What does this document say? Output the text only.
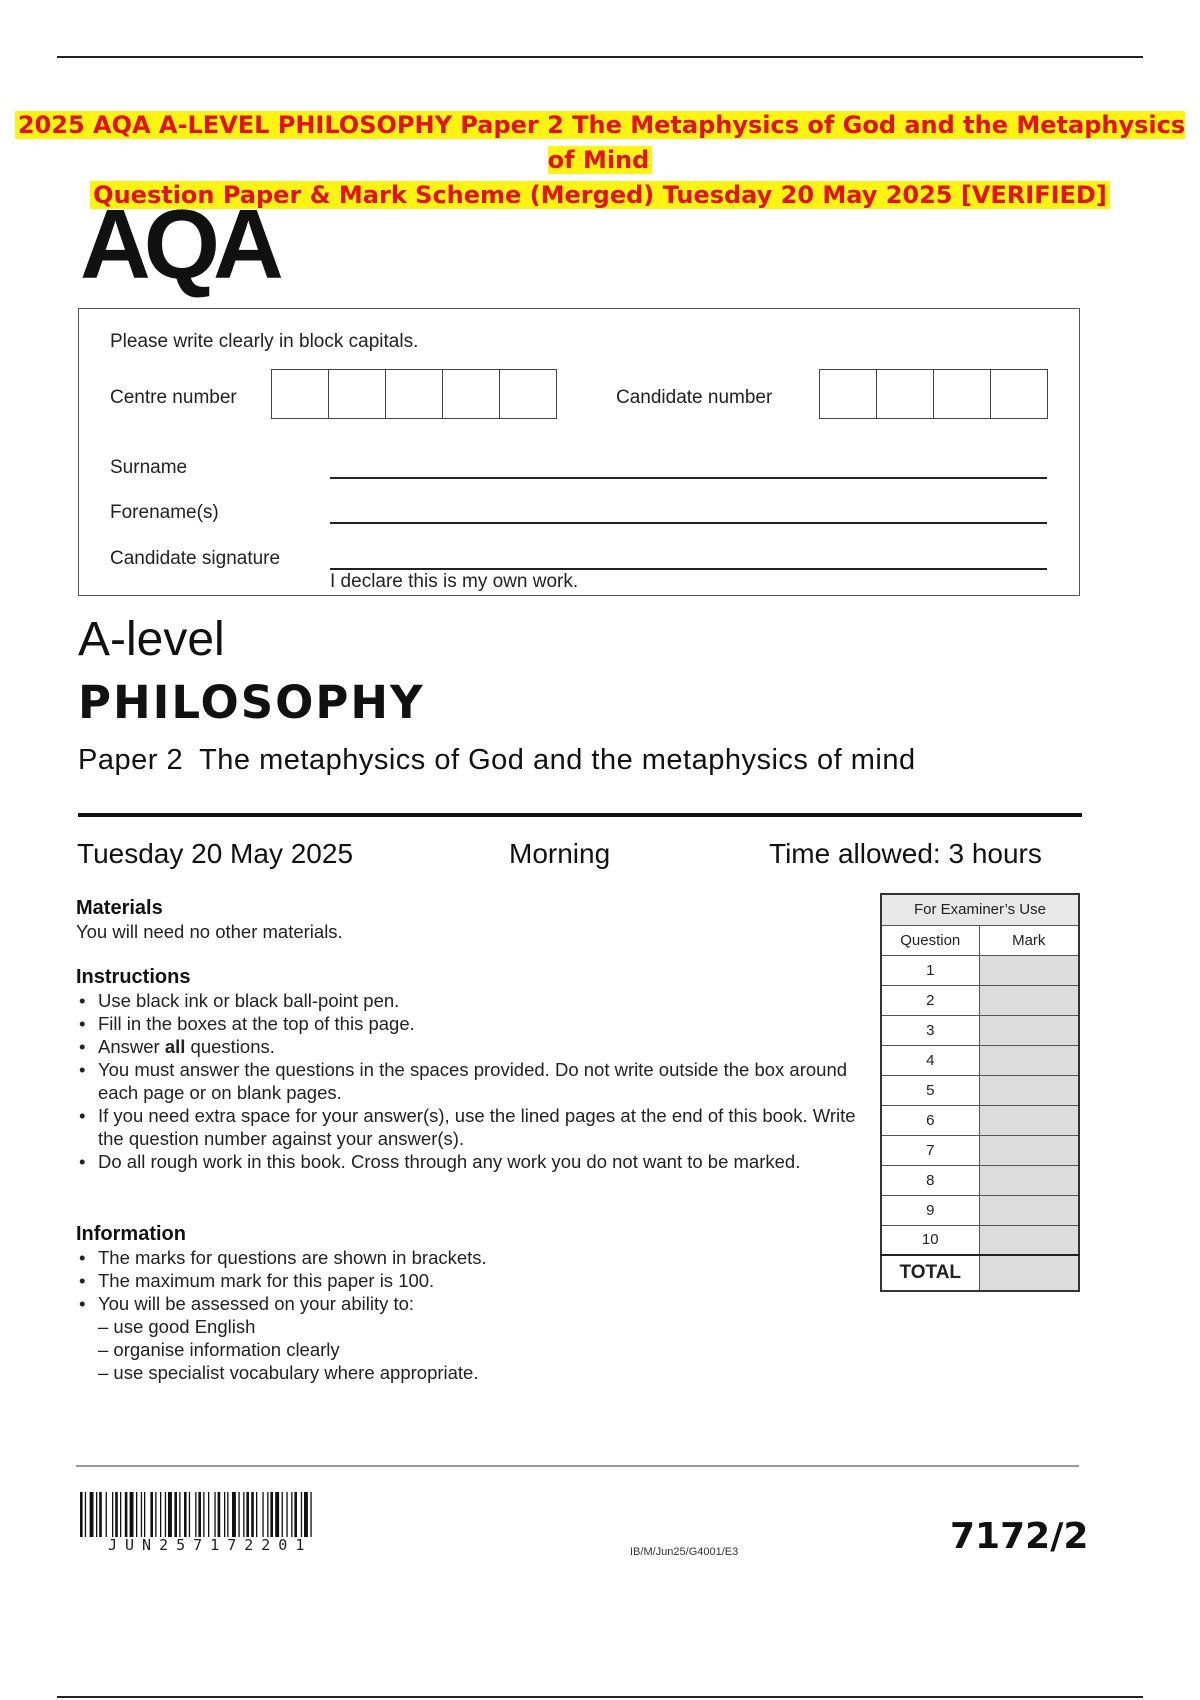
2025 AQA A-LEVEL PHILOSOPHY Paper 2 The Metaphysics of God and the Metaphysics of Mind
Question Paper & Mark Scheme (Merged) Tuesday 20 May 2025 [VERIFIED]
AQA
Please write clearly in block capitals.
Centre number	Candidate number
Surname
Forename(s)
Candidate signature
I declare this is my own work.
A-level
PHILOSOPHY
Paper 2 The metaphysics of God and the metaphysics of mind
Tuesday 20 May 2025	Morning	Time allowed: 3 hours
Materials

You will need no other materials.

Instructions
• Use black ink or black ball-point pen.
• Fill in the boxes at the top of this page.
• Answer all questions.
• You must answer the questions in the spaces provided. Do not write outside the box around each page or on blank pages.
• If you need extra space for your answer(s), use the lined pages at the end of this book. Write the question number against your answer(s).
• Do all rough work in this book. Cross through any work you do not want to be marked.
Information
• The marks for questions are shown in brackets.
• The maximum mark for this paper is 100.
• You will be assessed on your ability to:
– use good English
– organise information clearly
– use specialist vocabulary where appropriate.
For Examiner’s Use	
Question	Mark
1	
2	
3	
4	
5	
6	
7	
8	
9	
10	
TOTAL	
JUN257172201	IB/M/Jun25/G4001/E3	7172/2
